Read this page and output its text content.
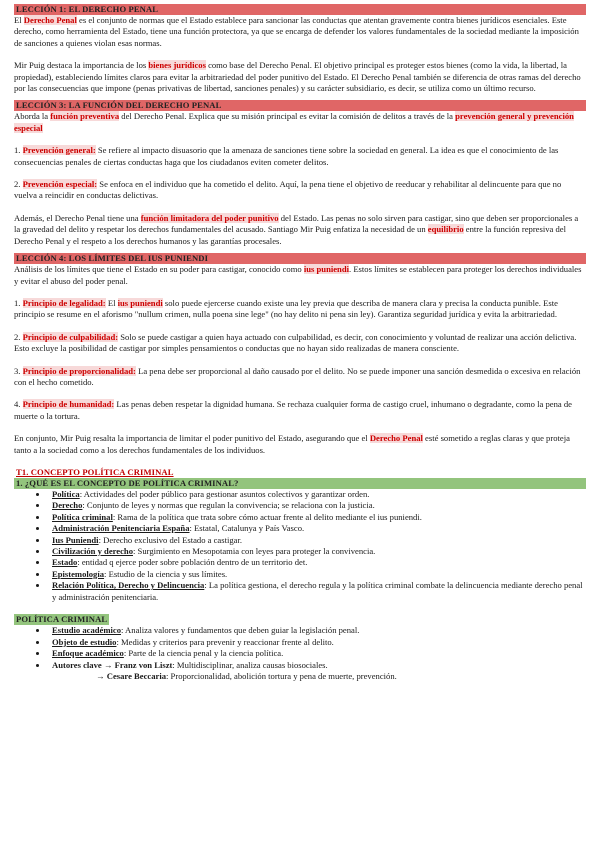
LECCIÓN 1: EL DERECHO PENAL

El Derecho Penal es el conjunto de normas que el Estado establece para sancionar las conductas que atentan gravemente contra bienes jurídicos esenciales. Este derecho, como herramienta del Estado, tiene una función protectora, ya que se encarga de defender los valores fundamentales de la sociedad mediante la imposición de sanciones a quienes violan esas normas.

Mir Puig destaca la importancia de los bienes jurídicos como base del Derecho Penal. El objetivo principal es proteger estos bienes (como la vida, la libertad, la propiedad), estableciendo límites claros para evitar la arbitrariedad del poder punitivo del Estado. El Derecho Penal también se diferencia de otras ramas del derecho por las consecuencias que impone (penas privativas de libertad, sanciones penales) y su carácter subsidiario, es decir, se utiliza como un último recurso.

LECCIÓN 3: LA FUNCIÓN DEL DERECHO PENAL

Aborda la función preventiva del Derecho Penal. Explica que su misión principal es evitar la comisión de delitos a través de la prevención general y prevención especial

1. Prevención general: Se refiere al impacto disuasorio que la amenaza de sanciones tiene sobre la sociedad en general. La idea es que el conocimiento de las consecuencias penales de ciertas conductas haga que los ciudadanos eviten cometer delitos.

2. Prevención especial: Se enfoca en el individuo que ha cometido el delito. Aquí, la pena tiene el objetivo de reeducar y rehabilitar al delincuente para que no vuelva a reincidir en conductas delictivas.

Además, el Derecho Penal tiene una función limitadora del poder punitivo del Estado. Las penas no solo sirven para castigar, sino que deben ser proporcionales a la gravedad del delito y respetar los derechos fundamentales del acusado. Santiago Mir Puig enfatiza la necesidad de un equilibrio entre la función represiva del Derecho Penal y el respeto a los derechos humanos y las garantías procesales.

LECCIÓN 4: LOS LÍMITES DEL IUS PUNIENDI

Análisis de los límites que tiene el Estado en su poder para castigar, conocido como ius puniendi. Estos límites se establecen para proteger los derechos individuales y evitar el abuso del poder penal.

1. Principio de legalidad: El ius puniendi solo puede ejercerse cuando existe una ley previa que describa de manera clara y precisa la conducta punible. Este principio se resume en el aforismo "nullum crimen, nulla poena sine lege" (no hay delito ni pena sin ley). Garantiza seguridad jurídica y evita la arbitrariedad.

2. Principio de culpabilidad: Solo se puede castigar a quien haya actuado con culpabilidad, es decir, con conocimiento y voluntad de realizar una acción delictiva. Esto excluye la posibilidad de castigar por simples pensamientos o conductas que no hayan sido realizadas de manera consciente.

3. Principio de proporcionalidad: La pena debe ser proporcional al daño causado por el delito. No se puede imponer una sanción desmedida o excesiva en relación con el hecho cometido.

4. Principio de humanidad: Las penas deben respetar la dignidad humana. Se rechaza cualquier forma de castigo cruel, inhumano o degradante, como la pena de muerte o la tortura.

En conjunto, Mir Puig resalta la importancia de limitar el poder punitivo del Estado, asegurando que el Derecho Penal esté sometido a reglas claras y que proteja tanto a la sociedad como a los derechos fundamentales de los individuos.

T1. CONCEPTO POLÍTICA CRIMINAL
1. ¿QUÉ ES EL CONCEPTO DE POLÍTICA CRIMINAL?
• Política: Actividades del poder público para gestionar asuntos colectivos y garantizar orden.
• Derecho: Conjunto de leyes y normas que regulan la convivencia; se relaciona con la justicia.
• Política criminal: Rama de la política que trata sobre cómo actuar frente al delito mediante el ius puniendi.
• Administración Penitenciaria España: Estatal, Catalunya y País Vasco.
• Ius Puniendi: Derecho exclusivo del Estado a castigar.
• Civilización y derecho: Surgimiento en Mesopotamia con leyes para proteger la convivencia.
• Estado: entidad q ejerce poder sobre población dentro de un territorio det.
• Epistemología: Estudio de la ciencia y sus límites.
• Relación Política, Derecho y Delincuencia: La política gestiona, el derecho regula y la política criminal combate la delincuencia mediante derecho penal y administración penitenciaria.
POLÍTICA CRIMINAL
• Estudio académico: Analiza valores y fundamentos que deben guiar la legislación penal.
• Objeto de estudio: Medidas y criterios para prevenir y reaccionar frente al delito.
• Enfoque académico: Parte de la ciencia penal y la ciencia política.
• Autores clave → Franz von Liszt: Multidisciplinar, analiza causas biosociales.

→ Cesare Beccaria: Proporcionalidad, abolición tortura y pena de muerte, prevención.
